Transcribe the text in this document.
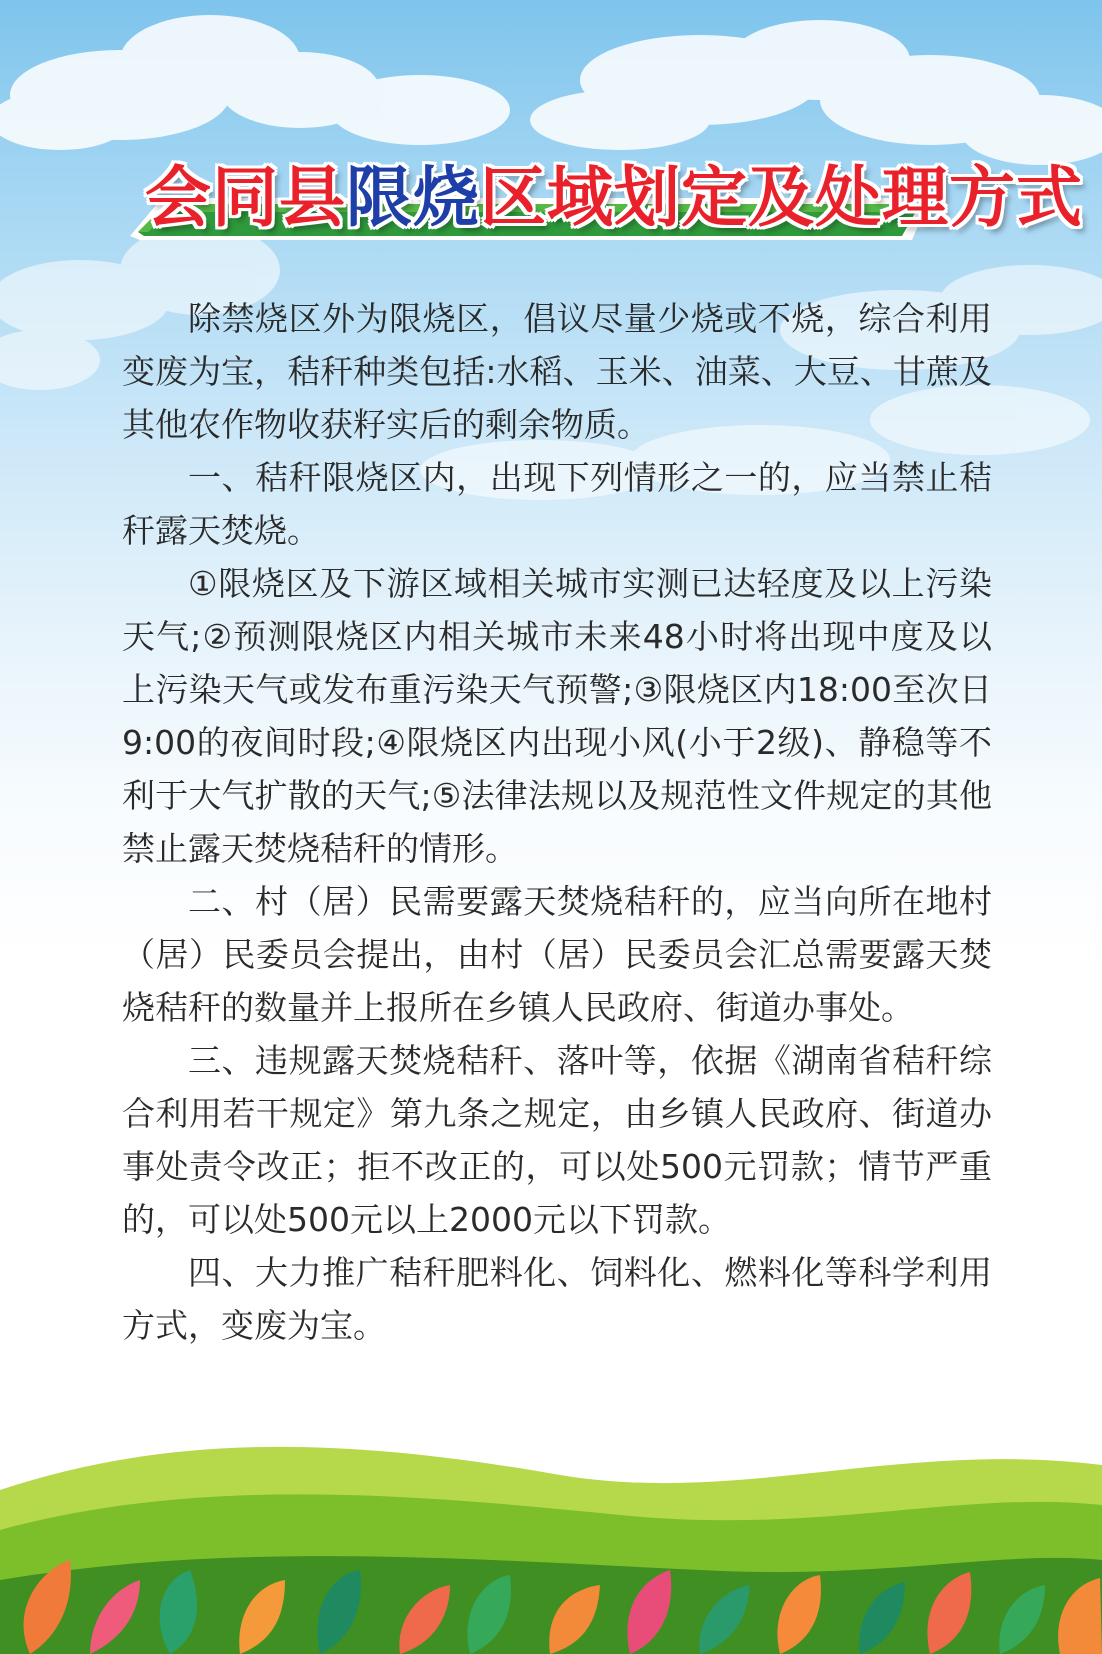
会同县限烧区域划定及处理方式

除禁烧区外为限烧区，倡议尽量少烧或不烧，综合利用变废为宝，秸秆种类包括:水稻、玉米、油菜、大豆、甘蔗及其他农作物收获籽实后的剩余物质。

一、秸秆限烧区内，出现下列情形之一的，应当禁止秸秆露天焚烧。

①限烧区及下游区域相关城市实测已达轻度及以上污染天气;②预测限烧区内相关城市未来48小时将出现中度及以上污染天气或发布重污染天气预警;③限烧区内18:00至次日9:00的夜间时段;④限烧区内出现小风(小于2级)、静稳等不利于大气扩散的天气;⑤法律法规以及规范性文件规定的其他禁止露天焚烧秸秆的情形。

二、村（居）民需要露天焚烧秸秆的，应当向所在地村（居）民委员会提出，由村（居）民委员会汇总需要露天焚烧秸秆的数量并上报所在乡镇人民政府、街道办事处。

三、违规露天焚烧秸秆、落叶等，依据《湖南省秸秆综合利用若干规定》第九条之规定，由乡镇人民政府、街道办事处责令改正；拒不改正的，可以处500元罚款；情节严重的，可以处500元以上2000元以下罚款。

四、大力推广秸秆肥料化、饲料化、燃料化等科学利用方式，变废为宝。
